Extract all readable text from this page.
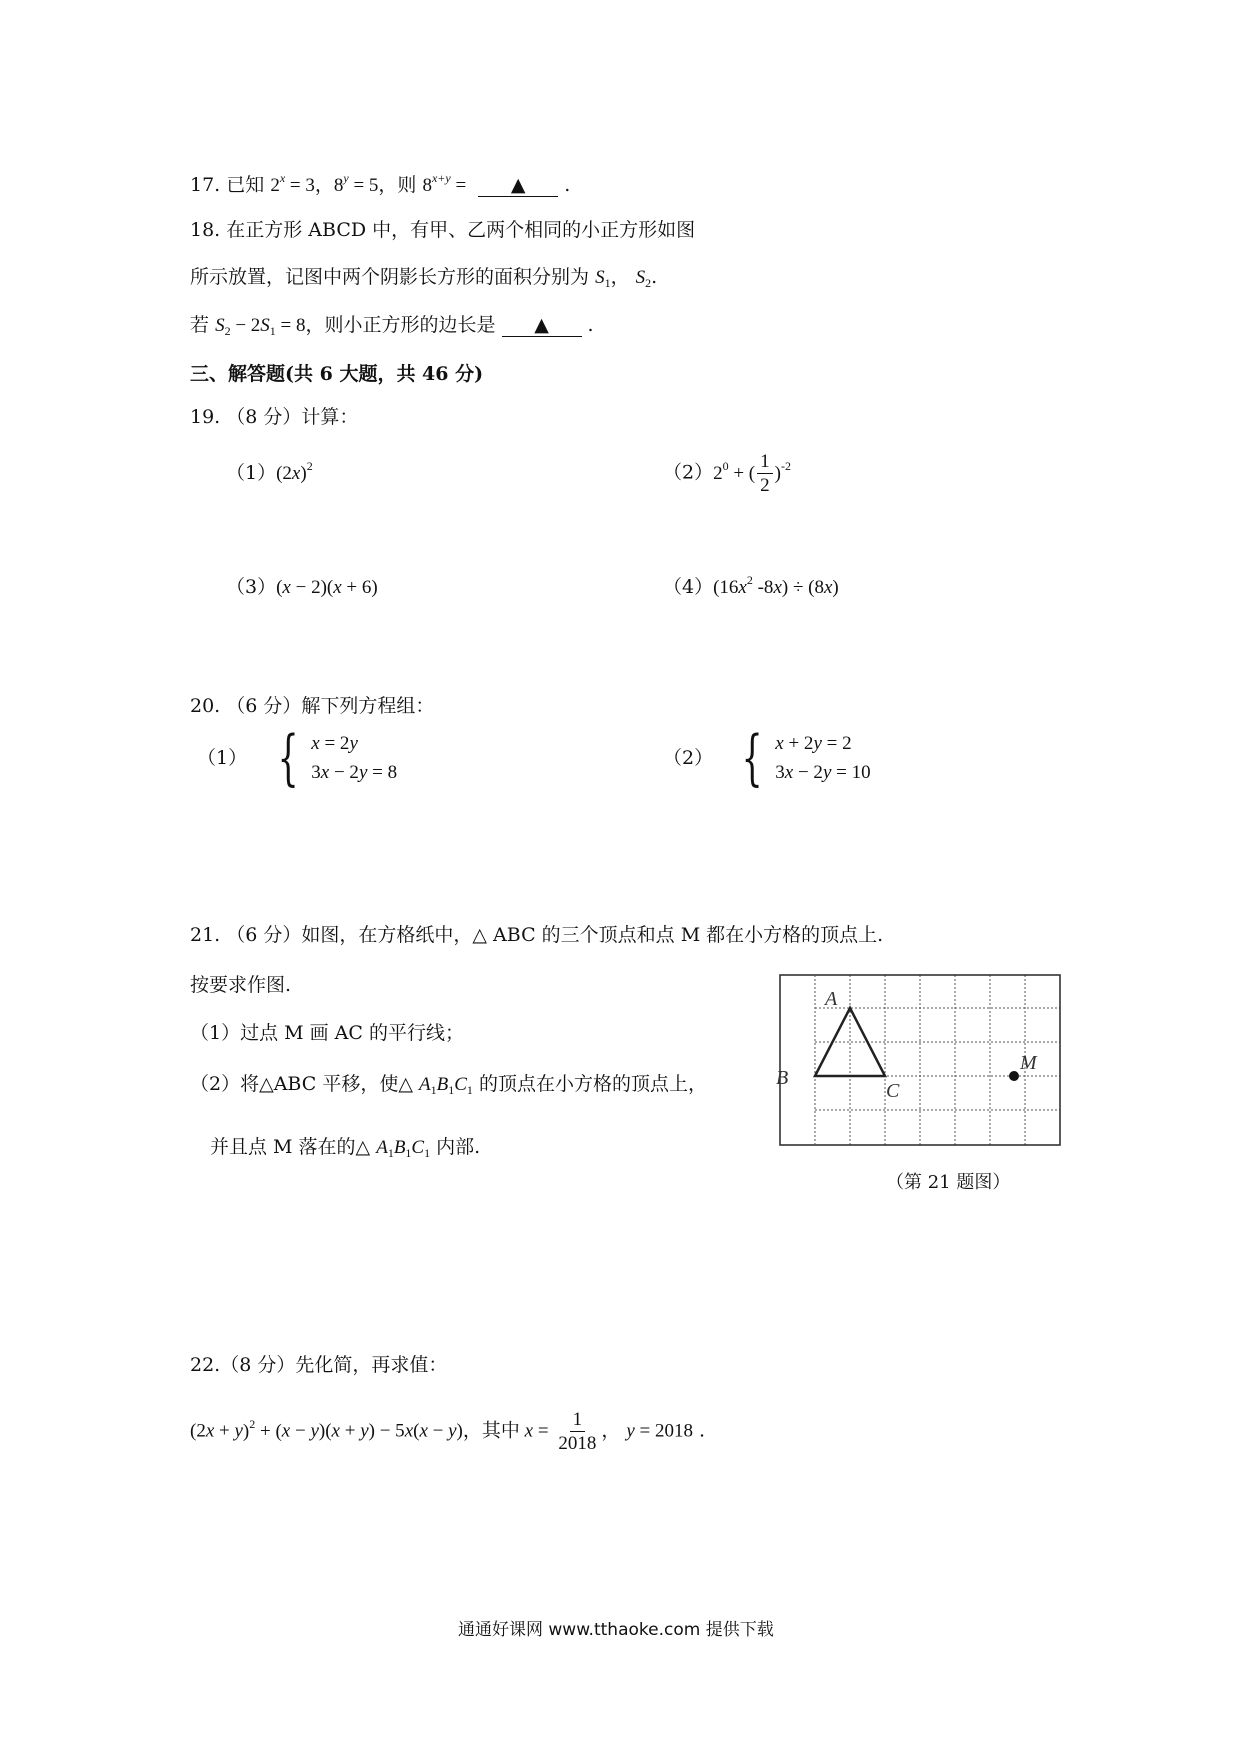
17. 已知 $2^x = 3$，$8^y = 5$，则 $8^{x+y}$ = ▲ .
18. 在正方形 ABCD 中，有甲、乙两个相同的小正方形如图
所示放置，记图中两个阴影长方形的面积分别为 $S_1$， $S_2$.
若 $S_2 - 2S_1 = 8$，则小正方形的边长是 ▲ .
三、解答题(共 6 大题，共 46 分)
19. （8 分）计算：
$(1)(2x)^2$	$(2)2^0$ + ( $\frac{1}{2} )^{-2}$
（3）(x − 2)(x + 6)	$(4)(16x^2$ -8x) ÷ (8x)
20. （6 分）解下列方程组：
（1） { x = 2y
3x − 2y = 8
（2） { x + 2y = 2
3x − 2y = 10
21. （6 分）如图，在方格纸中，△ ABC 的三个顶点和点 M 都在小方格的顶点上.
按要求作图.
（1）过点 M 画 AC 的平行线；
（2）将△ABC 平移，使△ $A_1B_1C_1$ 的顶点在小方格的顶点上，
并且点 M 落在的△ $A_1B_1C_1$ 内部.
A
B
C
M
（第 21 题图）
22.（8 分）先化简，再求值：
$(2x + y)^2 + (x - y)(x + y) - 5x(x - y)$，其中 $x = \frac{1}{2018}$ ， y = 2018 .
通通好课网 www.tthaoke.com 提供下载
